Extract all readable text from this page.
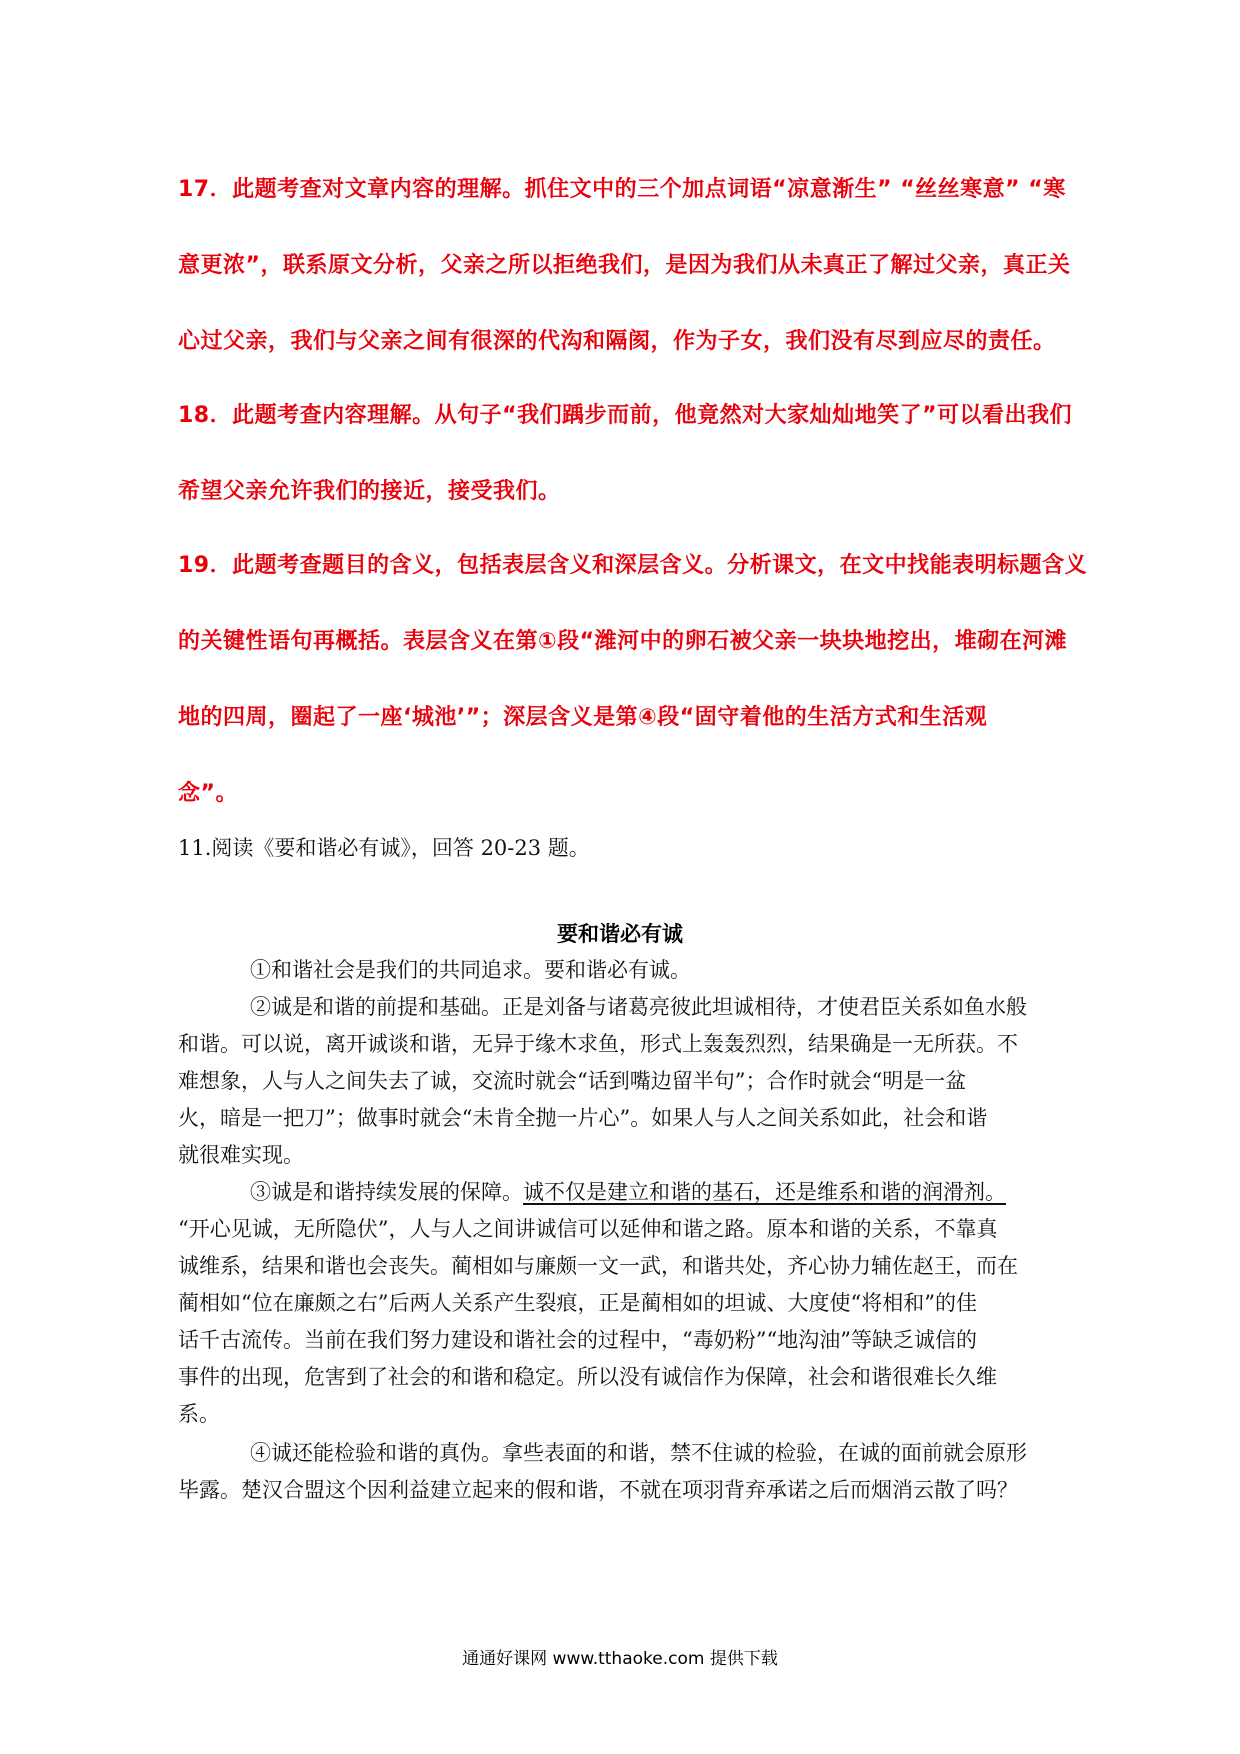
17．此题考查对文章内容的理解。抓住文中的三个加点词语“凉意渐生” “丝丝寒意” “寒
意更浓”，联系原文分析，父亲之所以拒绝我们，是因为我们从未真正了解过父亲，真正关
心过父亲，我们与父亲之间有很深的代沟和隔阂，作为子女，我们没有尽到应尽的责任。
18．此题考查内容理解。从句子“我们踽步而前，他竟然对大家灿灿地笑了”可以看出我们
希望父亲允许我们的接近，接受我们。
19．此题考查题目的含义，包括表层含义和深层含义。分析课文，在文中找能表明标题含义
的关键性语句再概括。表层含义在第①段“潍河中的卵石被父亲一块块地挖出，堆砌在河滩
地的四周，圈起了一座‘城池’”；深层含义是第④段“固守着他的生活方式和生活观
念”。
11.阅读《要和谐必有诚》，回答 20-23 题。
要和谐必有诚
①和谐社会是我们的共同追求。要和谐必有诚。
②诚是和谐的前提和基础。正是刘备与诸葛亮彼此坦诚相待，才使君臣关系如鱼水般
和谐。可以说，离开诚谈和谐，无异于缘木求鱼，形式上轰轰烈烈，结果确是一无所获。不
难想象，人与人之间失去了诚，交流时就会“话到嘴边留半句”；合作时就会“明是一盆
火，暗是一把刀”；做事时就会“未肯全抛一片心”。如果人与人之间关系如此，社会和谐
就很难实现。
③诚是和谐持续发展的保障。诚不仅是建立和谐的基石，还是维系和谐的润滑剂。
“开心见诚，无所隐伏”，人与人之间讲诚信可以延伸和谐之路。原本和谐的关系，不靠真
诚维系，结果和谐也会丧失。蔺相如与廉颇一文一武，和谐共处，齐心协力辅佐赵王，而在
蔺相如“位在廉颇之右”后两人关系产生裂痕，正是蔺相如的坦诚、大度使“将相和”的佳
话千古流传。当前在我们努力建设和谐社会的过程中，“毒奶粉”“地沟油”等缺乏诚信的
事件的出现，危害到了社会的和谐和稳定。所以没有诚信作为保障，社会和谐很难长久维
系。
④诚还能检验和谐的真伪。拿些表面的和谐，禁不住诚的检验，在诚的面前就会原形
毕露。楚汉合盟这个因利益建立起来的假和谐，不就在项羽背弃承诺之后而烟消云散了吗？
通通好课网 www.tthaoke.com 提供下载
